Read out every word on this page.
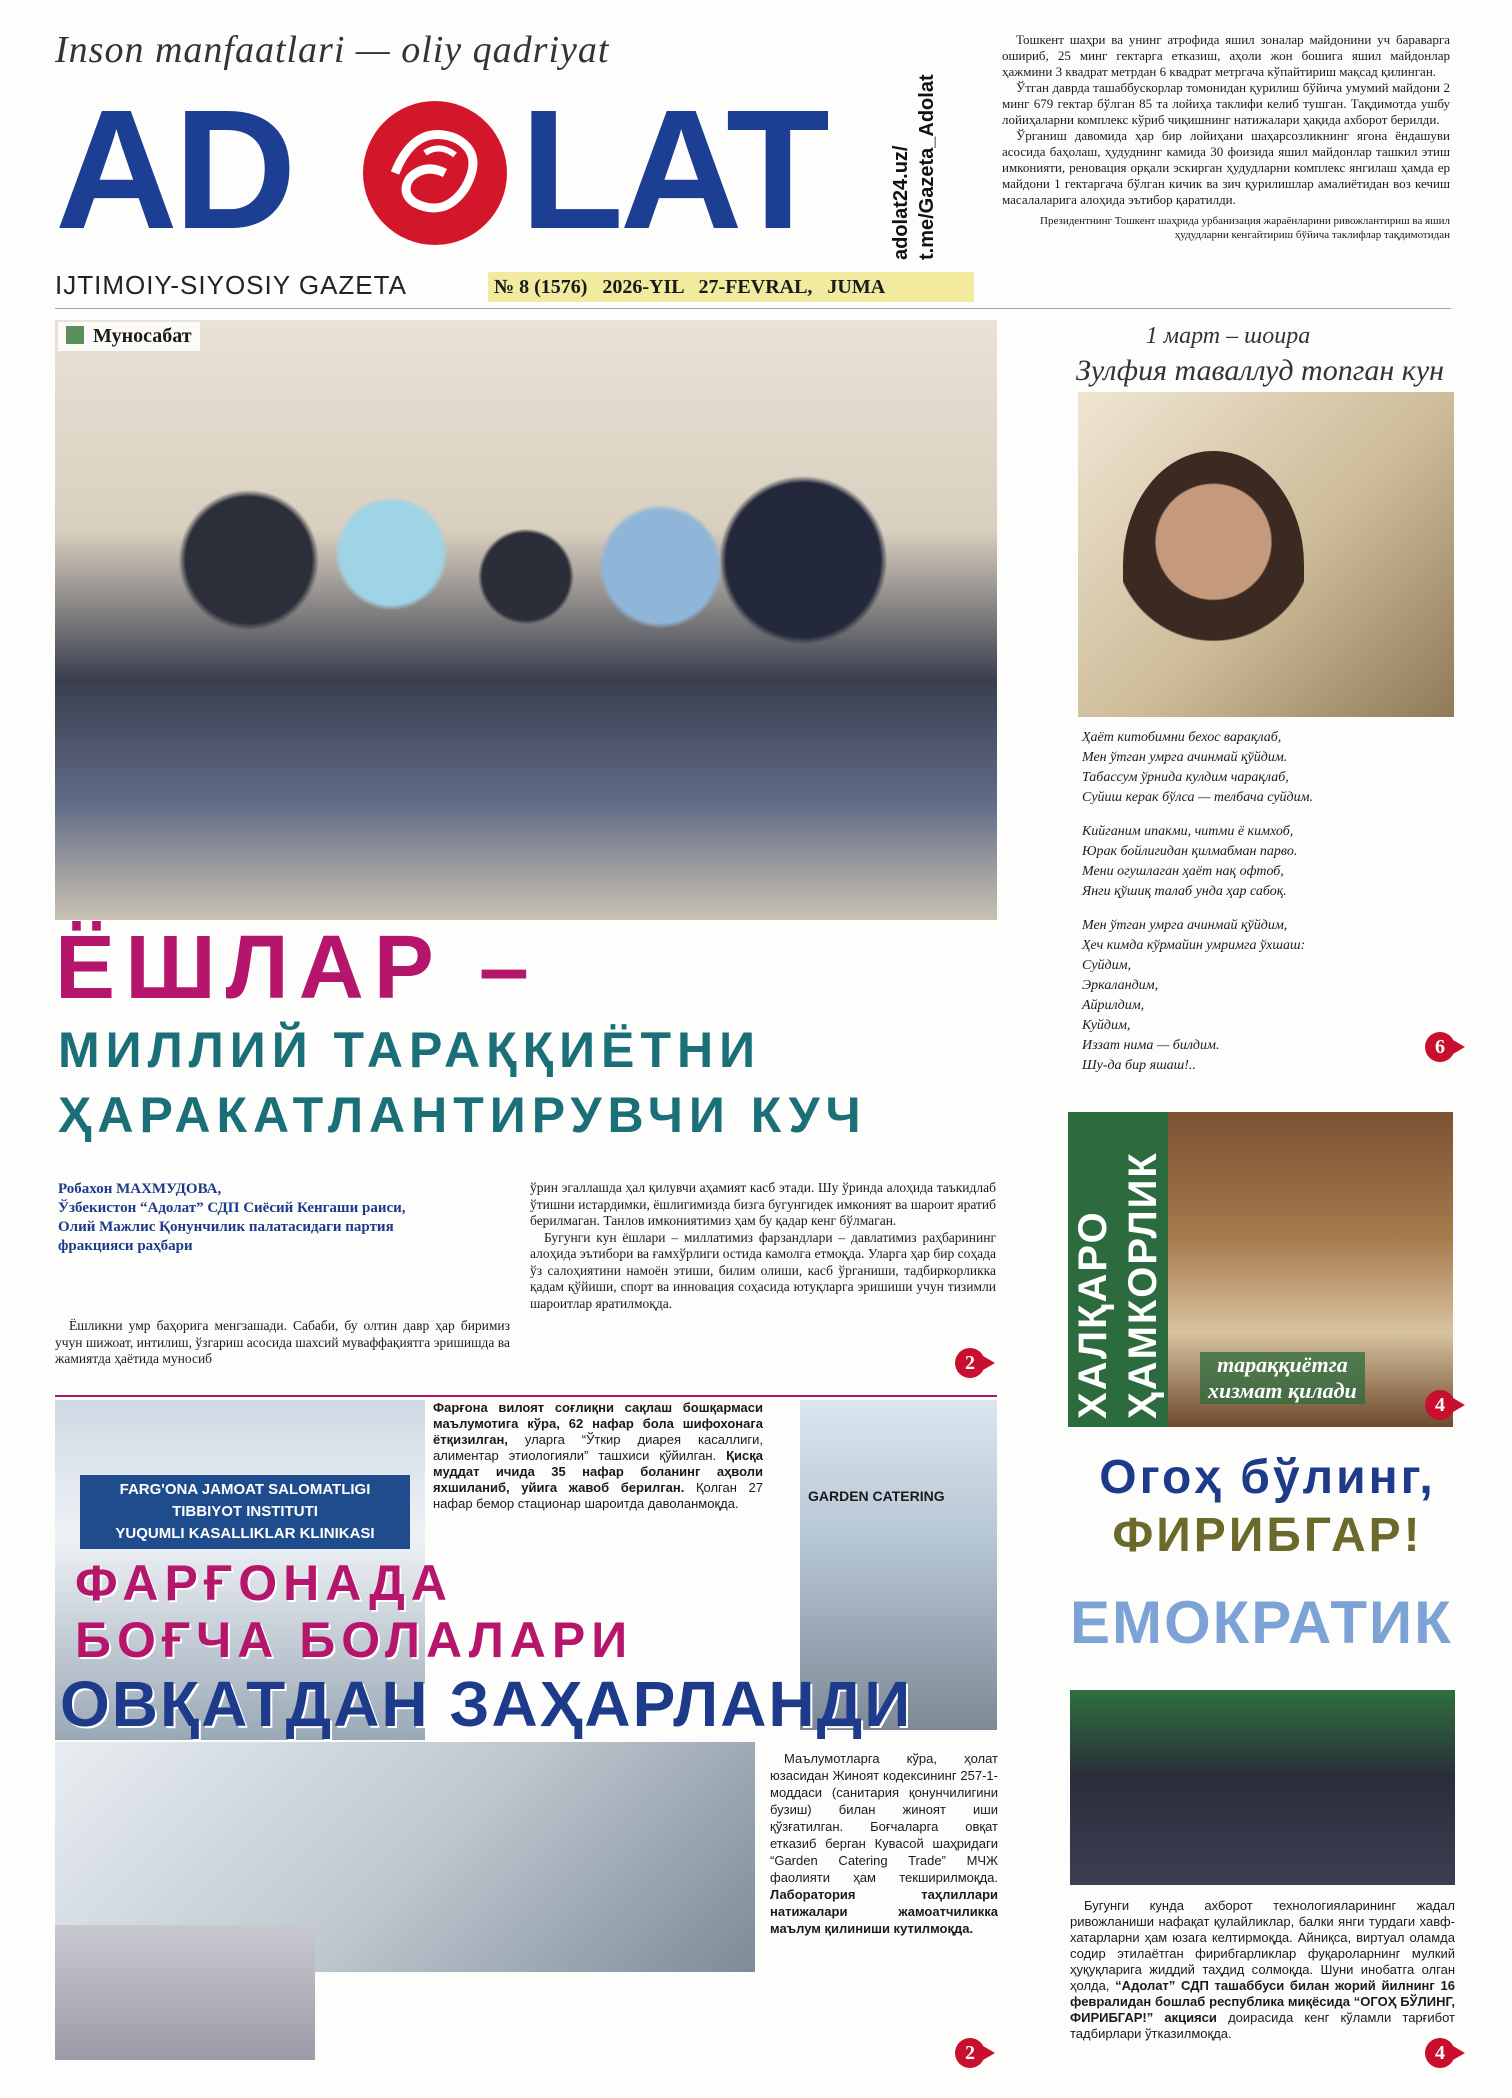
Inson manfaatlari — oliy qadriyat
AD LAT	adolat24.uz/ t.me/Gazeta_Adolat
IJTIMOIY-SIYOSIY GAZETA	№ 8 (1576)   2026-YIL   27-FEVRAL,   JUMA
Тошкент шаҳри ва унинг атрофида яшил зоналар майдонини уч бараварга ошириб, 25 минг гектарга етказиш, аҳоли жон бошига яшил майдонлар ҳажмини 3 квадрат метрдан 6 квадрат метргача кўпайтириш мақсад қилинган.
Ўтган даврда ташаббускорлар томонидан қурилиш бўйича умумий майдони 2 минг 679 гектар бўлган 85 та лойиҳа таклифи келиб тушган. Тақдимотда ушбу лойиҳаларни комплекс кўриб чиқишнинг натижалари ҳақида ахборот берилди.
Ўрганиш давомида ҳар бир лойиҳани шаҳарсозликнинг ягона ёндашуви асосида баҳолаш, ҳудуднинг камида 30 фоизида яшил майдонлар ташкил этиш имконияти, реновация орқали эскирган ҳудудларни комплекс янгилаш ҳамда ер майдони 1 гектаргача бўлган кичик ва зич қурилишлар амалиётидан воз кечиш масалаларига алоҳида эътибор қаратилди.
Президентнинг Тошкент шаҳрида урбанизация жараёнларини ривожлантириш ва яшил ҳудудларни кенгайтириш бўйича таклифлар тақдимотидан
Муносабат
ЁШЛАР –
МИЛЛИЙ ТАРАҚҚИЁТНИ
ҲАРАКАТЛАНТИРУВЧИ КУЧ
Робахон МАХМУДОВА,
Ўзбекистон “Адолат” СДП Сиёсий Кенгаши раиси,
Олий Мажлис Қонунчилик палатасидаги партия фракцияси раҳбари
Ёшликни умр баҳорига менгзашади. Сабаби, бу олтин давр ҳар биримиз учун шижоат, интилиш, ўзгариш асосида шахсий муваффақиятга эришишда ва жамиятда ҳаётида муносиб
ўрин эгаллашда ҳал қилувчи аҳамият касб этади. Шу ўринда алоҳида таъкидлаб ўтишни истардимки, ёшлигимизда бизга бугунгидек имконият ва шароит яратиб берилмаган. Танлов имкониятимиз ҳам бу қадар кенг бўлмаган.
Бугунги кун ёшлари – миллатимиз фарзандлари – давлатимиз раҳбарининг алоҳида эътибори ва ғамхўрлиги остида камолга етмоқда. Уларга ҳар бир соҳада ўз салоҳиятини намоён этиши, билим олиши, касб ўрганиши, тадбиркорликка қадам қўйиши, спорт ва инновация соҳасида ютуқларга эришиши учун тизимли шароитлар яратилмоқда.
2
1 март – шоира
Зулфия таваллуд топган кун
Ҳаёт китобимни бехос варақлаб,
Мен ўтган умрга ачинмай қўйдим.
Табассум ўрнида кулдим чарақлаб,
Суйиш керак бўлса — телбача суйдим.
Кийганим ипакми, читми ё кимхоб,
Юрак бойлигидан қилмабман парво.
Мени огушлаган ҳаёт нақ офтоб,
Янги қўшиқ талаб унда ҳар сабоқ.
Мен ўтган умрга ачинмай қўйдим,
Ҳеч кимда кўрмайин умримга ўхшаш:
Суйдим,
Эркаландим,
Айрилдим,
Куйдим,
Иззат нима — билдим.
Шу-да бир яшаш!..
6
ХАЛҚАРО ҲАМКОРЛИК	тараққиётга
хизмат қилади
4
FARG'ONA JAMOAT SALOMATLIGI
TIBBIYOT INSTITUTI
YUQUMLI KASALLIKLAR KLINIKASI
Фарғона вилоят соғлиқни сақлаш бошқармаси маълумотига кўра, 62 нафар бола шифохонага ётқизилган, уларга “Ўткир диарея касаллиги, алиментар этиологияли” ташхиси қўйилган. Қисқа муддат ичида 35 нафар боланинг аҳволи яхшиланиб, уйига жавоб берилган. Қолган 27 нафар бемор стационар шароитда даволанмоқда.	GARDEN CATERING
ФАРҒОНАДА
БОҒЧА БОЛАЛАРИ
ОВҚАТДАН ЗАҲАРЛАНДИ
Маълумотларга кўра, ҳолат юзасидан Жиноят кодексининг 257-1-моддаси (санитария қонунчилигини бузиш) билан жиноят иши қўзғатилган. Боғчаларга овқат етказиб берган Кувасой шаҳридаги “Garden Catering Trade” МЧЖ фаолияти ҳам текширилмоқда. Лаборатория таҳлиллари натижалари жамоатчиликка маълум қилиниши кутилмоқда.
2
Огоҳ бўлинг,
ФИРИБГАР!
ЕМОКРАТИК
Бугунги кунда ахборот технологияларининг жадал ривожланиши нафақат қулайликлар, балки янги турдаги хавф-хатарларни ҳам юзага келтирмоқда. Айниқса, виртуал оламда содир этилаётган фирибгарликлар фуқароларнинг мулкий ҳуқуқларига жиддий таҳдид солмоқда. Шуни инобатга олган ҳолда, “Адолат” СДП ташаббуси билан жорий йилнинг 16 февралидан бошлаб республика миқёсида “ОГОҲ БЎЛИНГ, ФИРИБГАР!” акцияси доирасида кенг кўламли тарғибот тадбирлари ўтказилмоқда.
4
